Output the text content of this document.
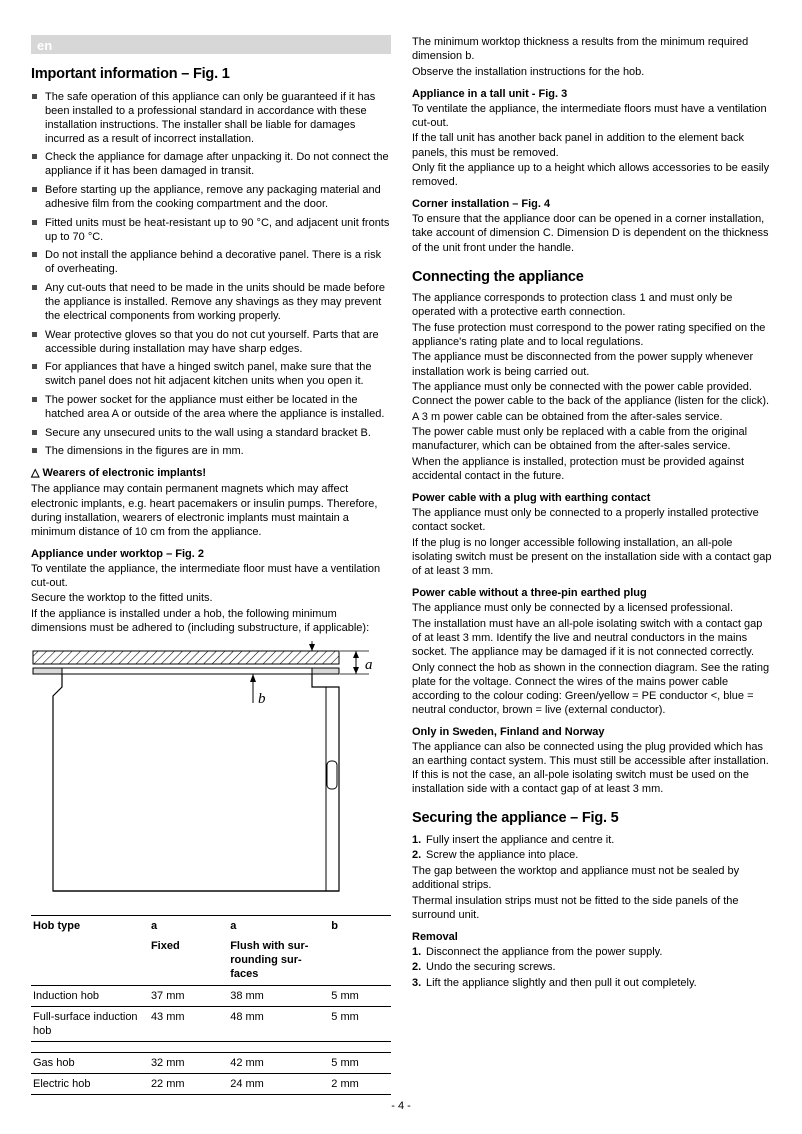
en
Important information – Fig. 1
The safe operation of this appliance can only be guaranteed if it has been installed to a professional standard in accordance with these installation instructions. The installer shall be liable for damages incurred as a result of incorrect installation.
Check the appliance for damage after unpacking it. Do not connect the appliance if it has been damaged in transit.
Before starting up the appliance, remove any packaging material and adhesive film from the cooking compartment and the door.
Fitted units must be heat-resistant up to 90 °C, and adjacent unit fronts up to 70 °C.
Do not install the appliance behind a decorative panel. There is a risk of overheating.
Any cut-outs that need to be made in the units should be made before the appliance is installed. Remove any shavings as they may prevent the electrical components from working properly.
Wear protective gloves so that you do not cut yourself. Parts that are accessible during installation may have sharp edges.
For appliances that have a hinged switch panel, make sure that the switch panel does not hit adjacent kitchen units when you open it.
The power socket for the appliance must either be located in the hatched area A or outside of the area where the appliance is installed.
Secure any unsecured units to the wall using a standard bracket B.
The dimensions in the figures are in mm.

△ Wearers of electronic implants!

The appliance may contain permanent magnets which may affect electronic implants, e.g. heart pacemakers or insulin pumps. Therefore, during installation, wearers of electronic implants must maintain a minimum distance of 10 cm from the appliance.

Appliance under worktop – Fig. 2

To ventilate the appliance, the intermediate floor must have a ventilation cut-out.

Secure the worktop to the fitted units.

If the appliance is installed under a hob, the following minimum dimensions must be adhered to (including substructure, if applicable):

a
b
Hob type	a	a	b
	Fixed	Flush with sur-rounding sur-faces	
Induction hob	37 mm	38 mm	5 mm
Full-surface induction hob	43 mm	48 mm	5 mm

Gas hob	32 mm	42 mm	5 mm
Electric hob	22 mm	24 mm	2 mm

The minimum worktop thickness a results from the minimum required dimension b.

Observe the installation instructions for the hob.

Appliance in a tall unit - Fig. 3

To ventilate the appliance, the intermediate floors must have a ventilation cut-out.

If the tall unit has another back panel in addition to the element back panels, this must be removed.

Only fit the appliance up to a height which allows accessories to be easily removed.

Corner installation – Fig. 4

To ensure that the appliance door can be opened in a corner installation, take account of dimension C. Dimension D is dependent on the thickness of the unit front under the handle.

Connecting the appliance

The appliance corresponds to protection class 1 and must only be operated with a protective earth connection.

The fuse protection must correspond to the power rating specified on the appliance's rating plate and to local regulations.

The appliance must be disconnected from the power supply whenever installation work is being carried out.

The appliance must only be connected with the power cable provided. Connect the power cable to the back of the appliance (listen for the click).

A 3 m power cable can be obtained from the after-sales service.

The power cable must only be replaced with a cable from the original manufacturer, which can be obtained from the after-sales service.

When the appliance is installed, protection must be provided against accidental contact in the future.

Power cable with a plug with earthing contact

The appliance must only be connected to a properly installed protective contact socket.

If the plug is no longer accessible following installation, an all-pole isolating switch must be present on the installation side with a contact gap of at least 3 mm.

Power cable without a three-pin earthed plug

The appliance must only be connected by a licensed professional.

The installation must have an all-pole isolating switch with a contact gap of at least 3 mm. Identify the live and neutral conductors in the mains socket. The appliance may be damaged if it is not connected correctly.

Only connect the hob as shown in the connection diagram. See the rating plate for the voltage. Connect the wires of the mains power cable according to the colour coding: Green/yellow = PE conductor <, blue = neutral conductor, brown = live (external conductor).

Only in Sweden, Finland and Norway

The appliance can also be connected using the plug provided which has an earthing contact system. This must still be accessible after installation. If this is not the case, an all-pole isolating switch must be used on the installation side with a contact gap of at least 3 mm.

Securing the appliance – Fig. 5
1. Fully insert the appliance and centre it.
2. Screw the appliance into place.

The gap between the worktop and appliance must not be sealed by additional strips.

Thermal insulation strips must not be fitted to the side panels of the surround unit.

Removal
1. Disconnect the appliance from the power supply.
2. Undo the securing screws.
3. Lift the appliance slightly and then pull it out completely.
- 4 -
